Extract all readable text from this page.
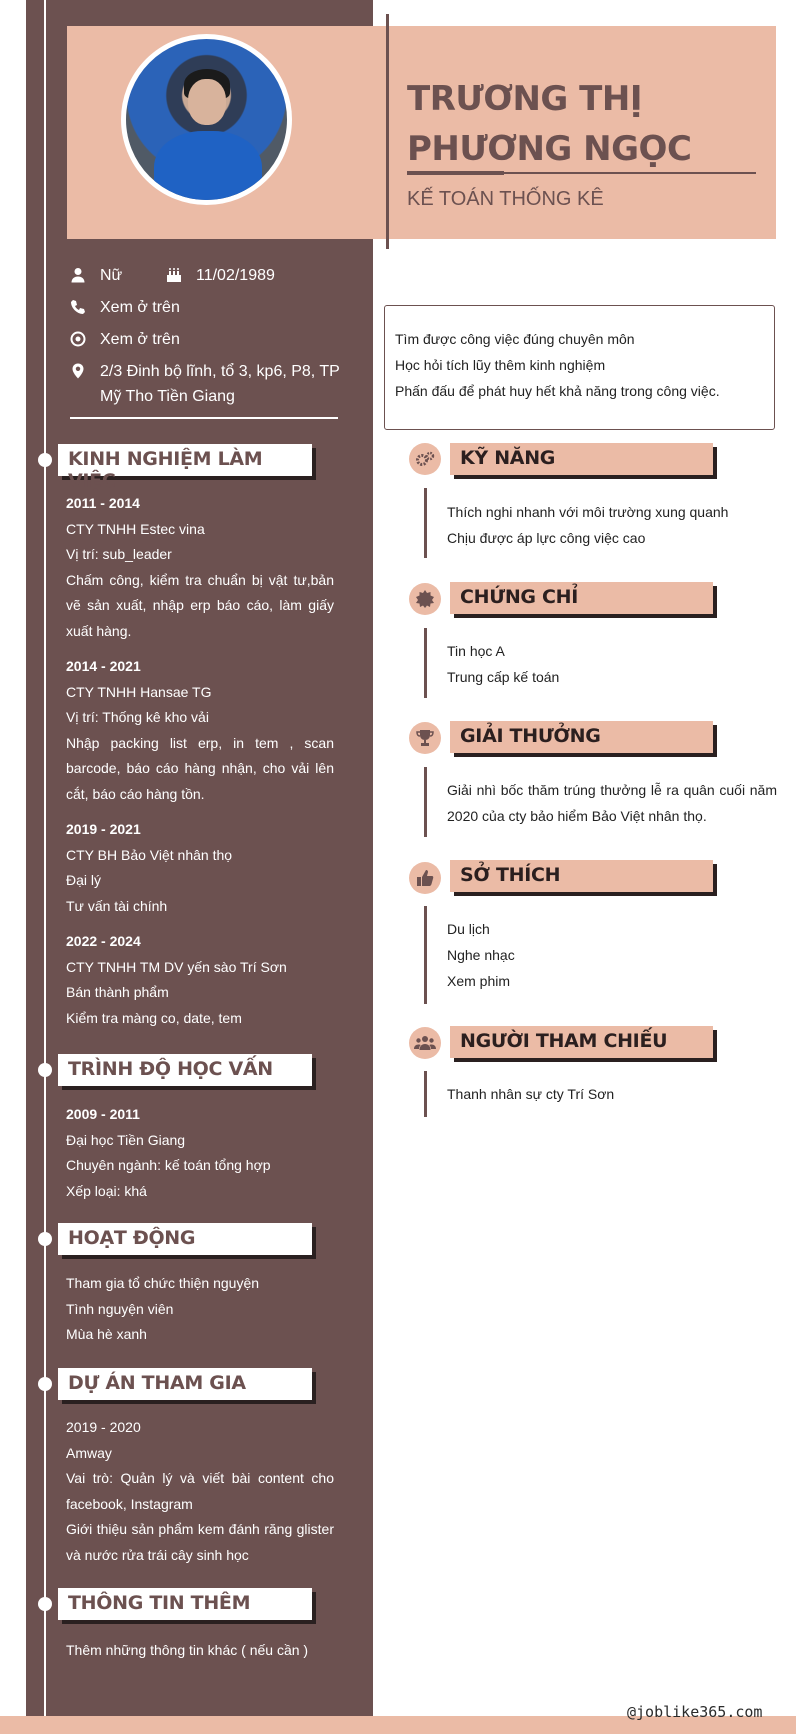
TRƯƠNG THỊ
PHƯƠNG NGỌC
KẾ TOÁN THỐNG KÊ
Nữ	11/02/1989
Xem ở trên
Xem ở trên
2/3 Đinh bộ lĩnh, tổ 3, kp6, P8, TP Mỹ Tho Tiền Giang
KINH NGHIỆM LÀM VIỆC

2011 - 2014

CTY TNHH Estec vina

Vị trí: sub_leader

Chấm công, kiểm tra chuẩn bị vật tư,bản vẽ sản xuất, nhập erp báo cáo, làm giấy xuất hàng.

2014 - 2021

CTY TNHH Hansae TG

Vị trí: Thống kê kho vải

Nhập packing list erp, in tem , scan barcode, báo cáo hàng nhận, cho vải lên cắt, báo cáo hàng tồn.

2019 - 2021

CTY BH Bảo Việt nhân thọ

Đại lý

Tư vấn tài chính

2022 - 2024

CTY TNHH TM DV yến sào Trí Sơn

Bán thành phẩm

Kiểm tra màng co, date, tem

TRÌNH ĐỘ HỌC VẤN

2009 - 2011

Đại học Tiền Giang

Chuyên ngành: kế toán tổng hợp

Xếp loại: khá

HOẠT ĐỘNG

Tham gia tổ chức thiện nguyện

Tình nguyện viên

Mùa hè xanh

DỰ ÁN THAM GIA

2019 - 2020

Amway

Vai trò: Quản lý và viết bài content cho facebook, Instagram

Giới thiệu sản phẩm kem đánh răng glister và nước rửa trái cây sinh học

THÔNG TIN THÊM

Thêm những thông tin khác ( nếu cần )

Tìm được công việc đúng chuyên môn

Học hỏi tích lũy thêm kinh nghiệm

Phấn đấu để phát huy hết khả năng trong công việc.

KỸ NĂNG

Thích nghi nhanh với môi trường xung quanh

Chịu được áp lực công việc cao

CHỨNG CHỈ

Tin học A

Trung cấp kế toán

GIẢI THƯỞNG

Giải nhì bốc thăm trúng thưởng lễ ra quân cuối năm 2020 của cty bảo hiểm Bảo Việt nhân thọ.

SỞ THÍCH

Du lịch

Nghe nhạc

Xem phim

NGƯỜI THAM CHIẾU

Thanh nhân sự cty Trí Sơn

@joblike365.com
